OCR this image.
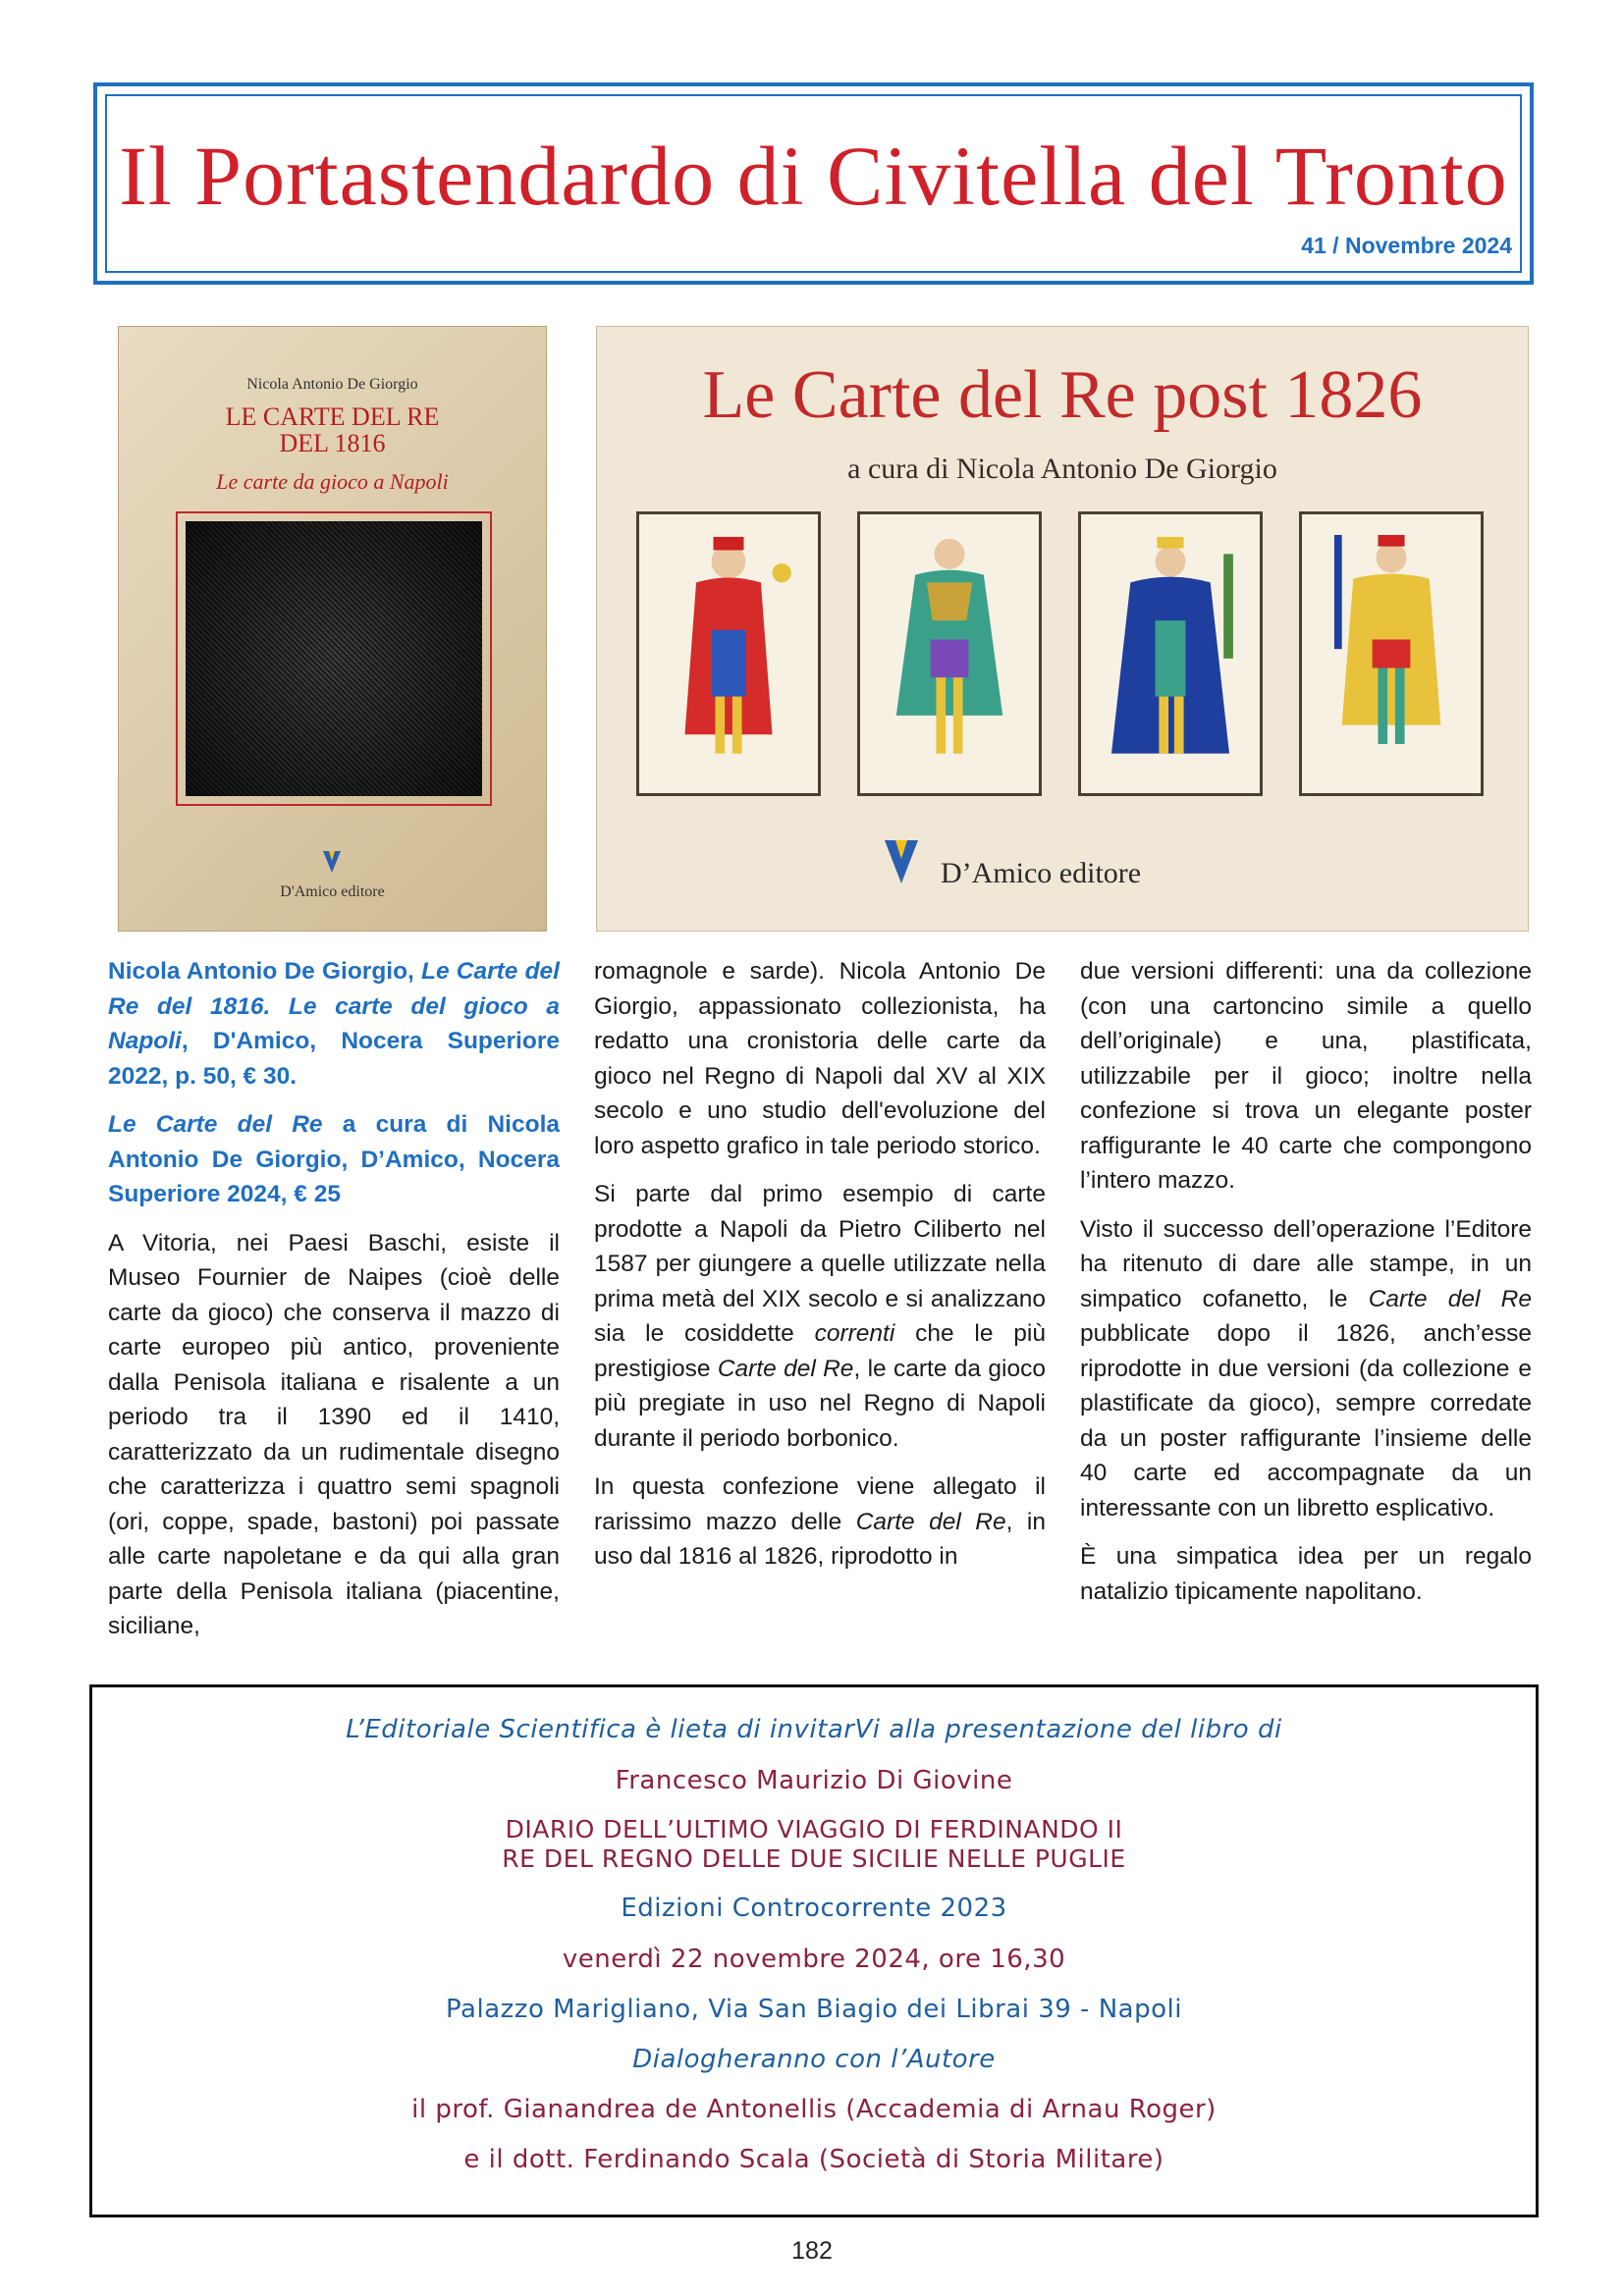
Il Portastendardo di Civitella del Tronto
41 / Novembre 2024
Nicola Antonio De Giorgio
LE CARTE DEL RE
DEL 1816
Le carte da gioco a Napoli
D'Amico editore
Le Carte del Re post 1826
a cura di Nicola Antonio De Giorgio
D’Amico editore

Nicola Antonio De Giorgio, Le Carte del Re del 1816. Le carte del gioco a Napoli, D'Amico, Nocera Superiore 2022, p. 50, € 30.

Le Carte del Re a cura di Nicola Antonio De Giorgio, D’Amico, Nocera Superiore 2024, € 25

A Vitoria, nei Paesi Baschi, esiste il Museo Fournier de Naipes (cioè delle carte da gioco) che conserva il mazzo di carte europeo più antico, proveniente dalla Penisola italiana e risalente a un periodo tra il 1390 ed il 1410, caratterizzato da un rudimentale disegno che caratterizza i quattro semi spagnoli (ori, coppe, spade, bastoni) poi passate alle carte napoletane e da qui alla gran parte della Penisola italiana (piacentine, siciliane,

romagnole e sarde). Nicola Antonio De Giorgio, appassionato collezionista, ha redatto una cronistoria delle carte da gioco nel Regno di Napoli dal XV al XIX secolo e uno studio dell'evoluzione del loro aspetto grafico in tale periodo storico.

Si parte dal primo esempio di carte prodotte a Napoli da Pietro Ciliberto nel 1587 per giungere a quelle utilizzate nella prima metà del XIX secolo e si analizzano sia le cosiddette correnti che le più prestigiose Carte del Re, le carte da gioco più pregiate in uso nel Regno di Napoli durante il periodo borbonico.

In questa confezione viene allegato il rarissimo mazzo delle Carte del Re, in uso dal 1816 al 1826, riprodotto in

due versioni differenti: una da collezione (con una cartoncino simile a quello dell’originale) e una, plastificata, utilizzabile per il gioco; inoltre nella confezione si trova un elegante poster raffigurante le 40 carte che compongono l’intero mazzo.

Visto il successo dell’operazione l’Editore ha ritenuto di dare alle stampe, in un simpatico cofanetto, le Carte del Re pubblicate dopo il 1826, anch’esse riprodotte in due versioni (da collezione e plastificate da gioco), sempre corredate da un poster raffigurante l’insieme delle 40 carte ed accompagnate da un interessante con un libretto esplicativo.

È una simpatica idea per un regalo natalizio tipicamente napolitano.

L’Editoriale Scientifica è lieta di invitarVi alla presentazione del libro di
Francesco Maurizio Di Giovine
DIARIO DELL’ULTIMO VIAGGIO DI FERDINANDO II
RE DEL REGNO DELLE DUE SICILIE NELLE PUGLIE
Edizioni Controcorrente 2023
venerdì 22 novembre 2024, ore 16,30
Palazzo Marigliano, Via San Biagio dei Librai 39 - Napoli
Dialogheranno con l’Autore
il prof. Gianandrea de Antonellis (Accademia di Arnau Roger)
e il dott. Ferdinando Scala (Società di Storia Militare)
182
